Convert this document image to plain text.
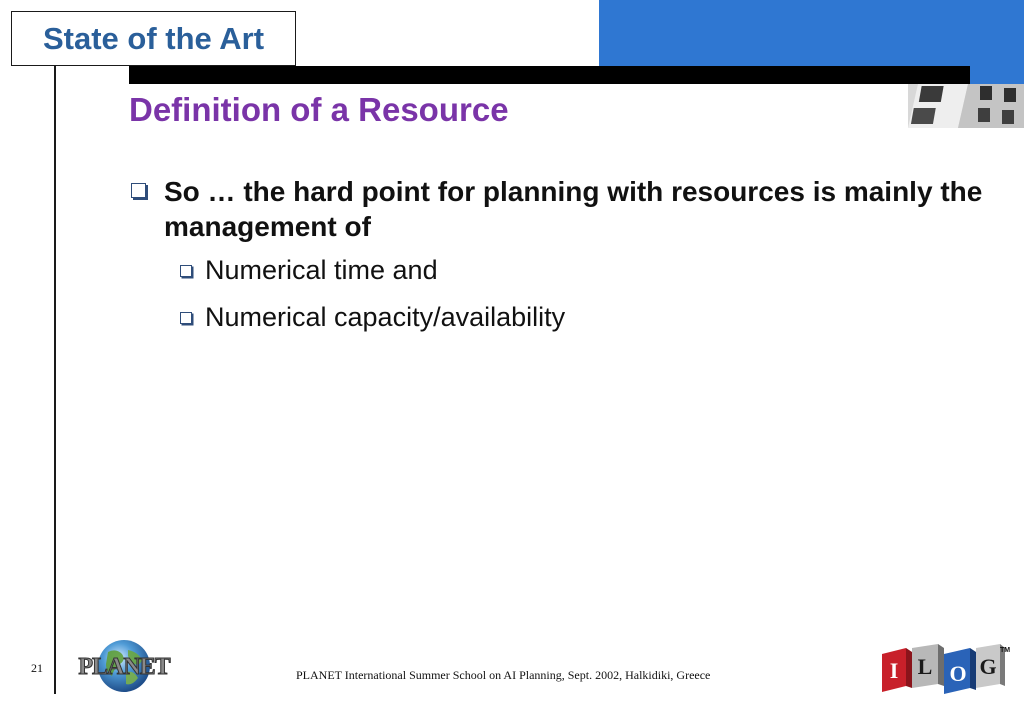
State of the Art
Definition of a Resource
So … the hard point for planning with resources is mainly the management of
Numerical time and
Numerical capacity/availability
21 PLANET	PLANET International Summer School on AI Planning, Sept. 2002, Halkidiki, Greece	I L O G
TM
